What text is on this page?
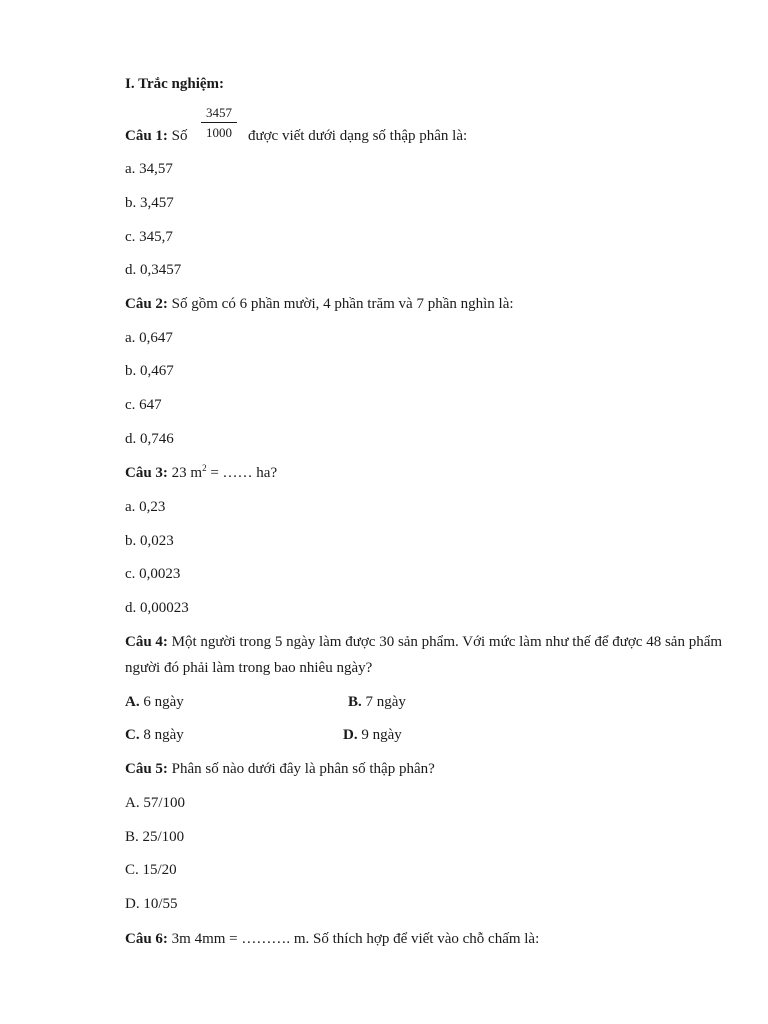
I. Trắc nghiệm:
3457
1000
Câu 1: Số	được viết dưới dạng số thập phân là:
a. 34,57
b. 3,457
c. 345,7
d. 0,3457
Câu 2: Số gồm có 6 phần mười, 4 phần trăm và 7 phần nghìn là:
a. 0,647
b. 0,467
c. 647
d. 0,746
Câu 3: 23 $m^2$ = …… ha?
a. 0,23
b. 0,023
c. 0,0023
d. 0,00023
Câu 4: Một người trong 5 ngày làm được 30 sản phẩm. Với mức làm như thế để được 48 sản phẩm người đó phải làm trong bao nhiêu ngày?
A. 6 ngày	B. 7 ngày
C. 8 ngày	D. 9 ngày
Câu 5: Phân số nào dưới đây là phân số thập phân?
A. 57/100
B. 25/100
C. 15/20
D. 10/55
Câu 6: 3m 4mm = ………. m. Số thích hợp để viết vào chỗ chấm là:
